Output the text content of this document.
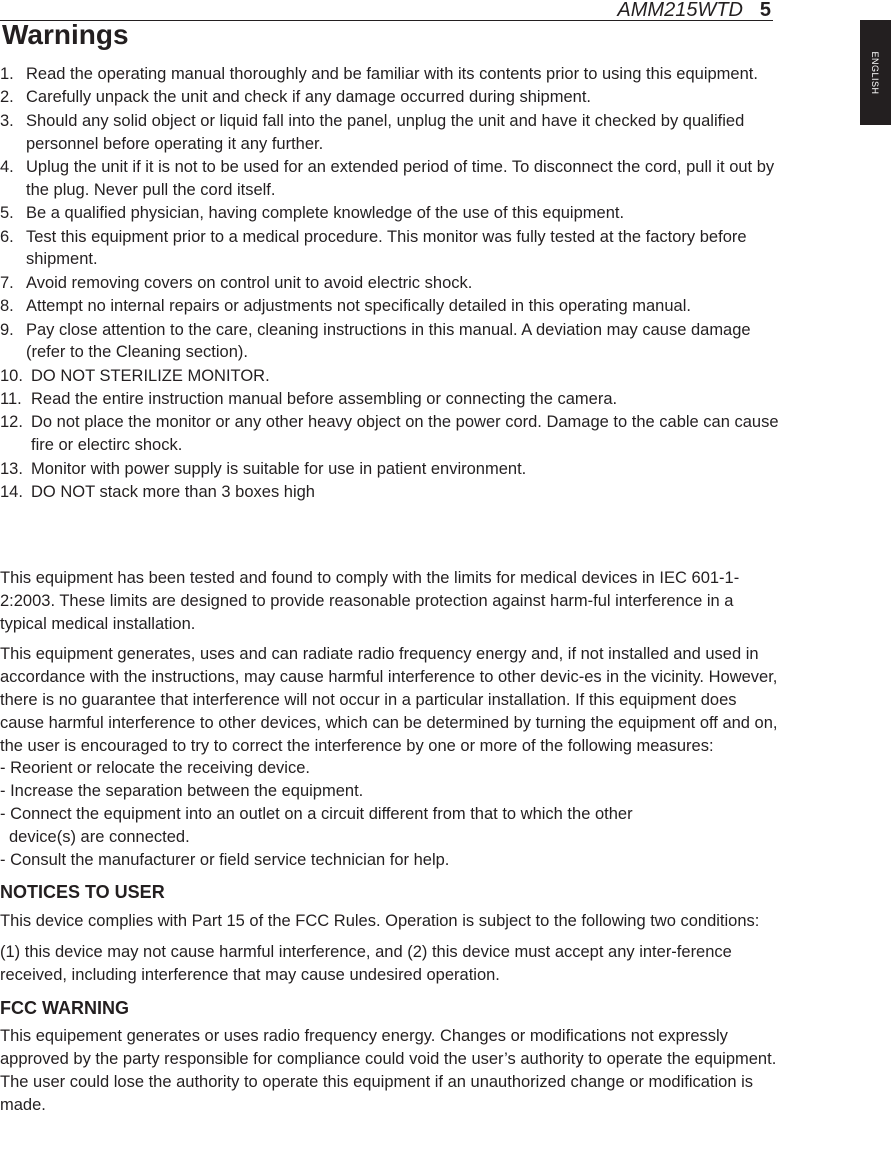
AMM215WTD 5
ENGLISH
Warnings
1. Read the operating manual thoroughly and be familiar with its contents prior to using this equipment.
2. Carefully unpack the unit and check if any damage occurred during shipment.
3. Should any solid object or liquid fall into the panel, unplug the unit and have it checked by qualified personnel before operating it any further.
4. Uplug the unit if it is not to be used for an extended period of time. To disconnect the cord, pull it out by the plug. Never pull the cord itself.
5. Be a qualified physician, having complete knowledge of the use of this equipment.
6. Test this equipment prior to a medical procedure. This monitor was fully tested at the factory before shipment.
7. Avoid removing covers on control unit to avoid electric shock.
8. Attempt no internal repairs or adjustments not specifically detailed in this operating manual.
9. Pay close attention to the care, cleaning instructions in this manual. A deviation may cause damage (refer to the Cleaning section).
10. DO NOT STERILIZE MONITOR.
11. Read the entire instruction manual before assembling or connecting the camera.
12. Do not place the monitor or any other heavy object on the power cord. Damage to the cable can cause fire or electirc shock.
13. Monitor with power supply is suitable for use in patient environment.
14. DO NOT stack more than 3 boxes high

This equipment has been tested and found to comply with the limits for medical devices in IEC 601-1-2:2003. These limits are designed to provide reasonable protection against harm-ful interference in a typical medical installation.

This equipment generates, uses and can radiate radio frequency energy and, if not installed and used in accordance with the instructions, may cause harmful interference to other devic-es in the vicinity. However, there is no guarantee that interference will not occur in a particular installation. If this equipment does cause harmful interference to other devices, which can be determined by turning the equipment off and on, the user is encouraged to try to correct the interference by one or more of the following measures:

- Reorient or relocate the receiving device.
- Increase the separation between the equipment.
- Connect the equipment into an outlet on a circuit different from that to which the other
device(s) are connected.
- Consult the manufacturer or field service technician for help.
NOTICES TO USER

This device complies with Part 15 of the FCC Rules. Operation is subject to the following two conditions:

(1) this device may not cause harmful interference, and (2) this device must accept any inter-ference received, including interference that may cause undesired operation.

FCC WARNING

This equipement generates or uses radio frequency energy. Changes or modifications not expressly approved by the party responsible for compliance could void the user’s authority to operate the equipment. The user could lose the authority to operate this equipment if an unauthorized change or modification is made.
